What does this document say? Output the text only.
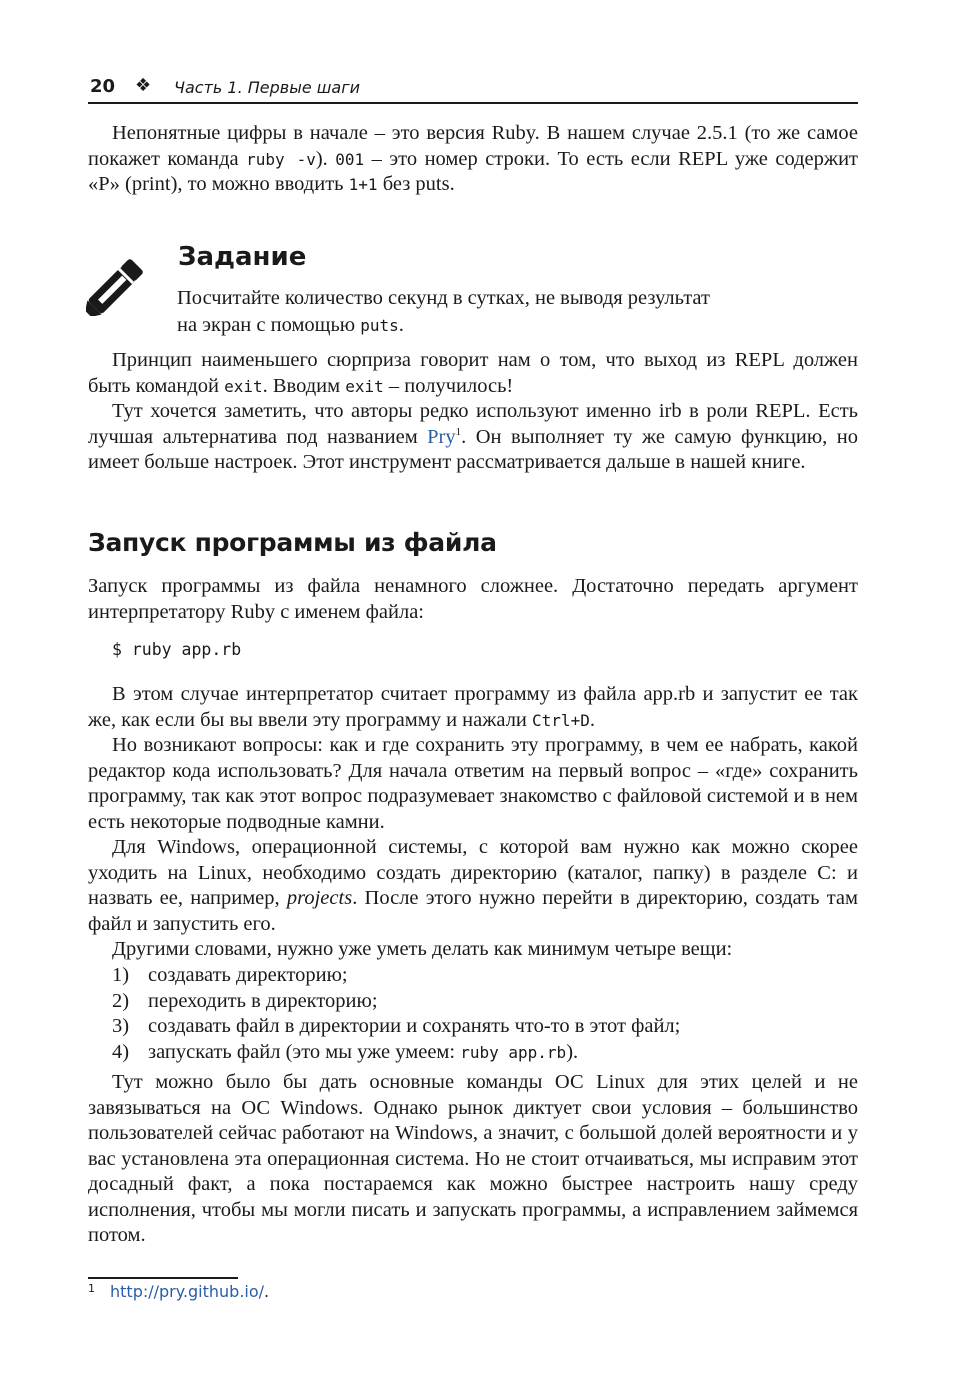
20 ❖ Часть 1. Первые шаги

Непонятные цифры в начале – это версия Ruby. В нашем случае 2.5.1 (то же самое покажет команда ruby -v). 001 – это номер строки. То есть если REPL уже содержит «P» (print), то можно вводить 1+1 без puts.

Задание

Посчитайте количество секунд в сутках, не выводя результат

на экран с помощью puts.

Принцип наименьшего сюрприза говорит нам о том, что выход из REPL должен быть командой exit. Вводим exit – получилось!

Тут хочется заметить, что авторы редко используют именно irb в роли REPL. Есть лучшая альтернатива под названием Pry$^1$. Он выполняет ту же самую функцию, но имеет больше настроек. Этот инструмент рассматривается дальше в нашей книге.

Запуск программы из файла

Запуск программы из файла ненамного сложнее. Достаточно передать аргумент интерпретатору Ruby с именем файла:

$ ruby app.rb

В этом случае интерпретатор считает программу из файла app.rb и запустит ее так же, как если бы вы ввели эту программу и нажали Ctrl+D.

Но возникают вопросы: как и где сохранить эту программу, в чем ее набрать, какой редактор кода использовать? Для начала ответим на первый вопрос – «где» сохранить программу, так как этот вопрос подразумевает знакомство с файловой системой и в нем есть некоторые подводные камни.

Для Windows, операционной системы, с которой вам нужно как можно скорее уходить на Linux, необходимо создать директорию (каталог, папку) в разделе C: и назвать ее, например, projects. После этого нужно перейти в директорию, создать там файл и запустить его.

Другими словами, нужно уже уметь делать как минимум четыре вещи:

1) создавать директорию;
2) переходить в директорию;
3) создавать файл в директории и сохранять что-то в этот файл;
4) запускать файл (это мы уже умеем: ruby app.rb).

Тут можно было бы дать основные команды ОС Linux для этих целей и не завязываться на ОС Windows. Однако рынок диктует свои условия – большинство пользователей сейчас работают на Windows, а значит, с большой долей вероятности и у вас установлена эта операционная система. Но не стоит отчаиваться, мы исправим этот досадный факт, а пока постараемся как можно быстрее настроить нашу среду исполнения, чтобы мы могли писать и запускать программы, а исправлением займемся потом.

1 http://pry.github.io/.
